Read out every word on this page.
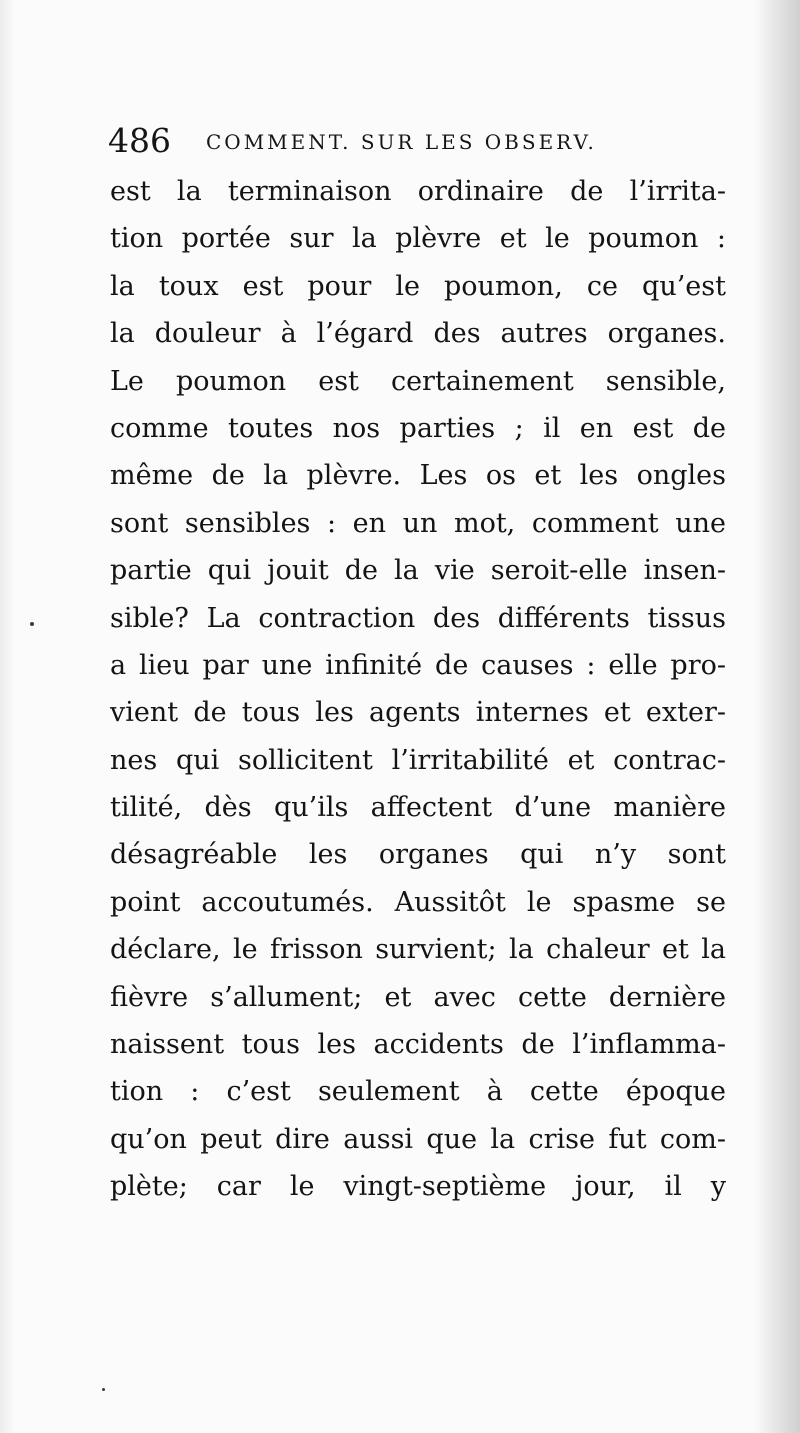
486 COMMENT. SUR LES OBSERV.
est la terminaison ordinaire de l’irrita-
tion portée sur la plèvre et le poumon :
la toux est pour le poumon, ce qu’est
la douleur à l’égard des autres organes.
Le poumon est certainement sensible,
comme toutes nos parties ; il en est de
même de la plèvre. Les os et les ongles
sont sensibles : en un mot, comment une
partie qui jouit de la vie seroit-elle insen-
sible? La contraction des différents tissus
a lieu par une infinité de causes : elle pro-
vient de tous les agents internes et exter-
nes qui sollicitent l’irritabilité et contrac-
tilité, dès qu’ils affectent d’une manière
désagréable les organes qui n’y sont
point accoutumés. Aussitôt le spasme se
déclare, le frisson survient; la chaleur et la
fièvre s’allument; et avec cette dernière
naissent tous les accidents de l’inflamma-
tion : c’est seulement à cette époque
qu’on peut dire aussi que la crise fut com-
plète; car le vingt-septième jour, il y
